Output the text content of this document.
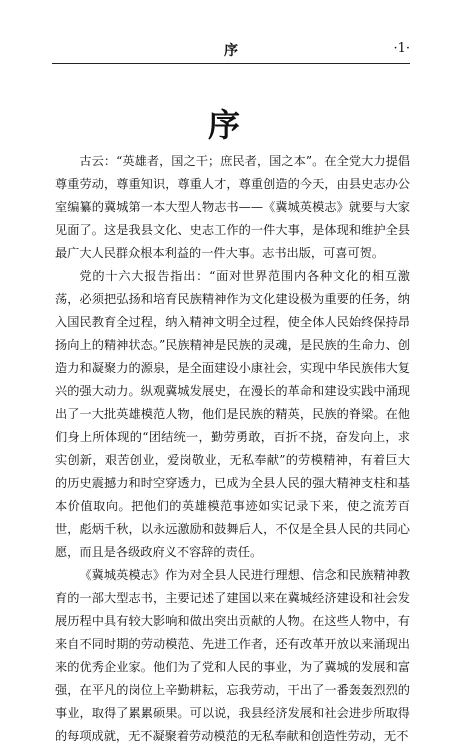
序	·1·
序

古云：“英雄者，国之干；庶民者，国之本”。在全党大力提倡尊重劳动，尊重知识，尊重人才，尊重创造的今天，由县史志办公室编纂的冀城第一本大型人物志书——《冀城英模志》就要与大家见面了。这是我县文化、史志工作的一件大事，是体现和维护全县最广大人民群众根本利益的一件大事。志书出版，可喜可贺。

党的十六大报告指出：“面对世界范围内各种文化的相互激荡，必须把弘扬和培育民族精神作为文化建设极为重要的任务，纳入国民教育全过程，纳入精神文明全过程，使全体人民始终保持昂扬向上的精神状态。”民族精神是民族的灵魂，是民族的生命力、创造力和凝聚力的源泉，是全面建设小康社会，实现中华民族伟大复兴的强大动力。纵观冀城发展史，在漫长的革命和建设实践中涌现出了一大批英雄模范人物，他们是民族的精英，民族的脊梁。在他们身上所体现的“团结统一，勤劳勇敢，百折不挠，奋发向上，求实创新，艰苦创业，爱岗敬业，无私奉献”的劳模精神，有着巨大的历史震撼力和时空穿透力，已成为全县人民的强大精神支柱和基本价值取向。把他们的英雄模范事迹如实记录下来，使之流芳百世，彪炳千秋，以永远激励和鼓舞后人，不仅是全县人民的共同心愿，而且是各级政府义不容辞的责任。

《冀城英模志》作为对全县人民进行理想、信念和民族精神教育的一部大型志书，主要记述了建国以来在冀城经济建设和社会发展历程中具有较大影响和做出突出贡献的人物。在这些人物中，有来自不同时期的劳动模范、先进工作者，还有改革开放以来涌现出来的优秀企业家。他们为了党和人民的事业，为了冀城的发展和富强，在平凡的岗位上辛勤耕耘，忘我劳动，干出了一番轰轰烈烈的事业，取得了累累硕果。可以说，我县经济发展和社会进步所取得的每项成就，无不凝聚着劳动模范的无私奉献和创造性劳动，无不
